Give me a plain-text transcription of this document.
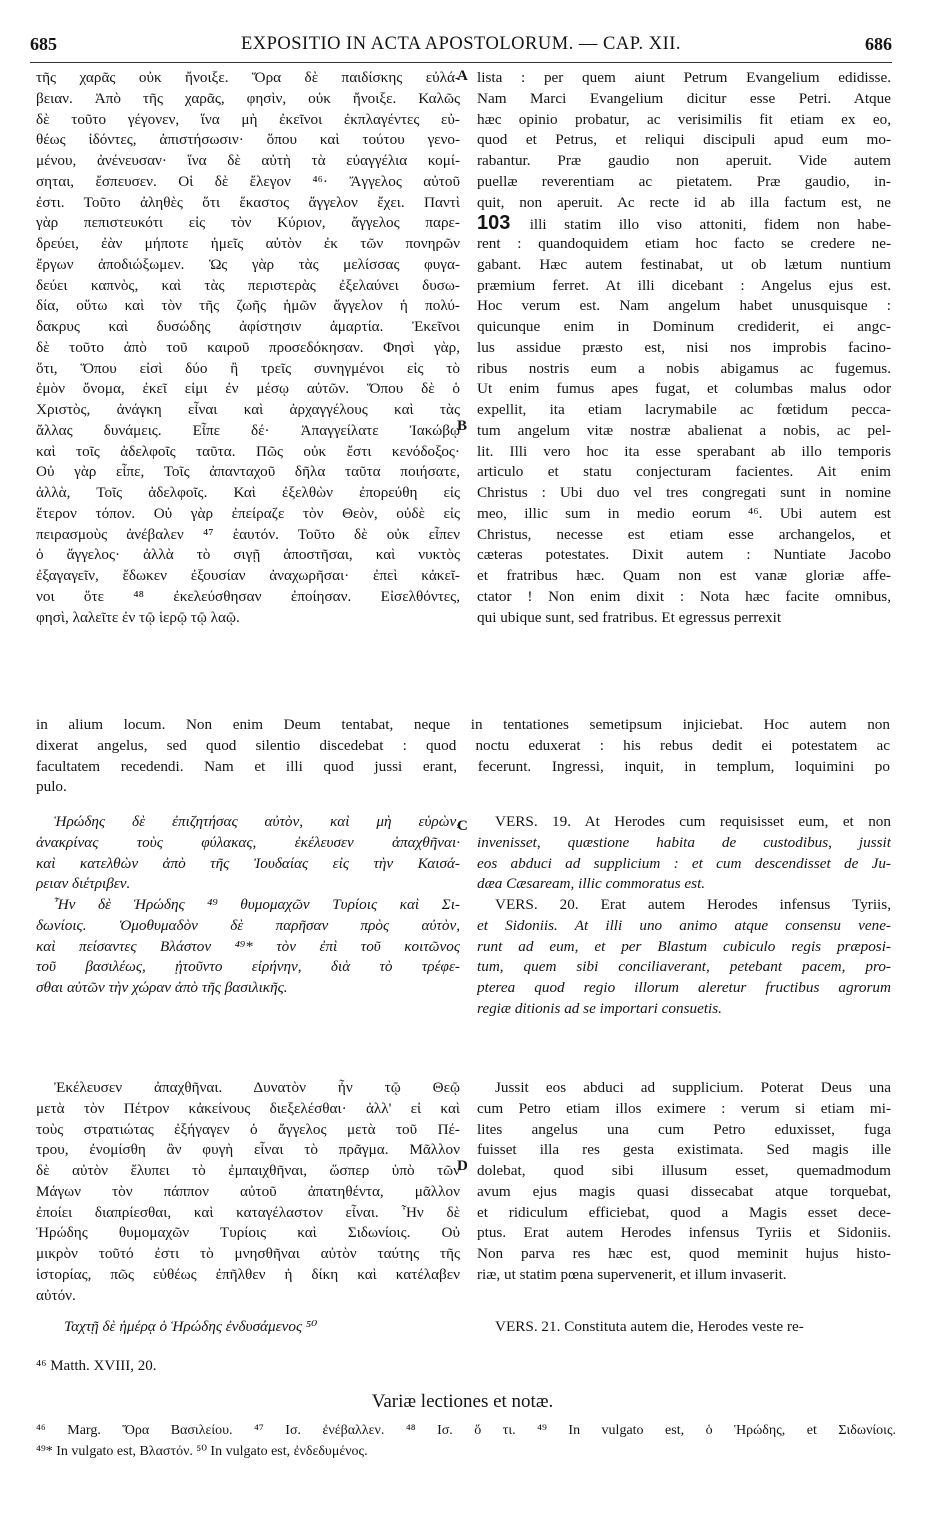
685	EXPOSITIO IN ACTA APOSTOLORUM. — CAP. XII.	686
τῆς χαρᾶς οὐκ ἤνοιξε. Ὅρα δὲ παιδίσκης εὐλά-
βειαν. Ἀπὸ τῆς χαρᾶς, φησὶν, οὐκ ἤνοιξε. Καλῶς
δὲ τοῦτο γέγονεν, ἵνα μὴ ἐκεῖνοι ἐκπλαγέντες εὐ-
θέως ἰδόντες, ἀπιστήσωσιν· ὅπου καὶ τούτου γενο-
μένου, ἀνένευσαν· ἵνα δὲ αὐτὴ τὰ εὐαγγέλια κομί-
σηται, ἔσπευσεν. Οἱ δὲ ἔλεγον ⁴⁶· Ἄγγελος αὐτοῦ
ἐστι. Τοῦτο ἀληθὲς ὅτι ἕκαστος ἄγγελον ἔχει. Παντὶ
γὰρ πεπιστευκότι εἰς τὸν Κύριον, ἄγγελος παρε-
δρεύει, ἐὰν μήποτε ἡμεῖς αὐτὸν ἐκ τῶν πονηρῶν
ἔργων ἀποδιώξωμεν. Ὡς γὰρ τὰς μελίσσας φυγα-
δεύει καπνὸς, καὶ τὰς περιστερὰς ἐξελαύνει δυσω-
δία, οὕτω καὶ τὸν τῆς ζωῆς ἡμῶν ἄγγελον ἡ πολύ-
δακρυς καὶ δυσώδης ἀφίστησιν ἁμαρτία. Ἐκεῖνοι
δὲ τοῦτο ἀπὸ τοῦ καιροῦ προσεδόκησαν. Φησὶ γὰρ,
ὅτι, Ὅπου εἰσὶ δύο ἢ τρεῖς συνηγμένοι εἰς τὸ
ἐμὸν ὄνομα, ἐκεῖ εἰμι ἐν μέσῳ αὐτῶν. Ὅπου δὲ ὁ
Χριστὸς, ἀνάγκη εἶναι καὶ ἀρχαγγέλους καὶ τὰς
ἄλλας δυνάμεις. Εἶπε δέ· Ἀπαγγείλατε Ἰακώβῳ
καὶ τοῖς ἀδελφοῖς ταῦτα. Πῶς οὐκ ἔστι κενόδοξος·
Οὐ γὰρ εἶπε, Τοῖς ἀπανταχοῦ δῆλα ταῦτα ποιήσατε,
ἀλλὰ, Τοῖς ἀδελφοῖς. Καὶ ἐξελθὼν ἐπορεύθη εἰς
ἕτερον τόπον. Οὐ γὰρ ἐπείραζε τὸν Θεὸν, οὐδὲ εἰς
πειρασμοὺς ἀνέβαλεν ⁴⁷ ἑαυτόν. Τοῦτο δὲ οὐκ εἶπεν
ὁ ἄγγελος· ἀλλὰ τὸ σιγῇ ἀποστῆσαι, καὶ νυκτὸς
ἐξαγαγεῖν, ἔδωκεν ἐξουσίαν ἀναχωρῆσαι· ἐπεὶ κἀκεῖ-
νοι ὅτε ⁴⁸ ἐκελεύσθησαν ἐποίησαν. Εἰσελθόντες,
φησὶ, λαλεῖτε ἐν τῷ ἱερῷ τῷ λαῷ.
lista : per quem aiunt Petrum Evangelium edidisse.
Nam Marci Evangelium dicitur esse Petri. Atque
hæc opinio probatur, ac verisimilis fit etiam ex eo,
quod et Petrus, et reliqui discipuli apud eum mo-
rabantur. Præ gaudio non aperuit. Vide autem
puellæ reverentiam ac pietatem. Præ gaudio, in-
quit, non aperuit. Ac recte id ab illa factum est, ne
103 illi statim illo viso attoniti, fidem non habe-
rent : quandoquidem etiam hoc facto se credere ne-
gabant. Hæc autem festinabat, ut ob lætum nuntium
præmium ferret. At illi dicebant : Angelus ejus est.
Hoc verum est. Nam angelum habet unusquisque :
quicunque enim in Dominum crediderit, ei angc-
lus assidue præsto est, nisi nos improbis facino-
ribus nostris eum a nobis abigamus ac fugemus.
Ut enim fumus apes fugat, et columbas malus odor
expellit, ita etiam lacrymabile ac fœtidum pecca-
tum angelum vitæ nostræ abalienat a nobis, ac pel-
lit. Illi vero hoc ita esse sperabant ab illo temporis
articulo et statu conjecturam facientes. Ait enim
Christus : Ubi duo vel tres congregati sunt in nomine
meo, illic sum in medio eorum ⁴⁶. Ubi autem est
Christus, necesse est etiam esse archangelos, et
cæteras potestates. Dixit autem : Nuntiate Jacobo
et fratribus hæc. Quam non est vanæ gloriæ affe-
ctator ! Non enim dixit : Nota hæc facite omnibus,
qui ubique sunt, sed fratribus. Et egressus perrexit
in alium locum. Non enim Deum tentabat, neque in tentationes semetipsum injiciebat. Hoc autem non
dixerat angelus, sed quod silentio discedebat : quod noctu eduxerat : his rebus dedit ei potestatem ac
facultatem recedendi. Nam et illi quod jussi erant, fecerunt. Ingressi, inquit, in templum, loquimini po
pulo.
A
B
C
D
Ἡρώδης δὲ ἐπιζητήσας αὐτὸν, καὶ μὴ εὑρὼν,
ἀνακρίνας τοὺς φύλακας, ἐκέλευσεν ἀπαχθῆναι·
καὶ κατελθὼν ἀπὸ τῆς Ἰουδαίας εἰς τὴν Καισά-
ρειαν διέτριβεν.
Ἦν δὲ Ἡρώδης ⁴⁹ θυμομαχῶν Τυρίοις καὶ Σι-
δωνίοις. Ὁμοθυμαδὸν δὲ παρῆσαν πρὸς αὐτὸν,
καὶ πείσαντες Βλάστον ⁴⁹* τὸν ἐπὶ τοῦ κοιτῶνος
τοῦ βασιλέως, ᾐτοῦντο εἰρήνην, διὰ τὸ τρέφε-
σθαι αὐτῶν τὴν χώραν ἀπὸ τῆς βασιλικῆς.
VERS. 19. At Herodes cum requisisset eum, et non
invenisset, quæstione habita de custodibus, jussit
eos abduci ad supplicium : et cum descendisset de Ju-
dæa Cæsaream, illic commoratus est.
VERS. 20. Erat autem Herodes infensus Tyriis,
et Sidoniis. At illi uno animo atque consensu vene-
runt ad eum, et per Blastum cubiculo regis præposi-
tum, quem sibi conciliaverant, petebant pacem, pro-
pterea quod regio illorum aleretur fructibus agrorum
regiæ ditionis ad se importari consuetis.
Ἐκέλευσεν ἀπαχθῆναι. Δυνατὸν ἦν τῷ Θεῷ
μετὰ τὸν Πέτρον κἀκείνους διεξελέσθαι· ἀλλ' εἰ καὶ
τοὺς στρατιώτας ἐξήγαγεν ὁ ἄγγελος μετὰ τοῦ Πέ-
τρου, ἐνομίσθη ἂν φυγὴ εἶναι τὸ πρᾶγμα. Μᾶλλον
δὲ αὐτὸν ἔλυπει τὸ ἐμπαιχθῆναι, ὥσπερ ὑπὸ τῶν
Μάγων τὸν πάππον αὐτοῦ ἀπατηθέντα, μᾶλλον
ἐποίει διαπρίεσθαι, καὶ καταγέλαστον εἶναι. Ἦν δὲ
Ἡρώδης θυμομαχῶν Τυρίοις καὶ Σιδωνίοις. Οὐ
μικρὸν τοῦτό ἐστι τὸ μνησθῆναι αὐτὸν ταύτης τῆς
ἱστορίας, πῶς εὐθέως ἐπῆλθεν ἡ δίκη καὶ κατέλαβεν
αὐτόν.
Jussit eos abduci ad supplicium. Poterat Deus una
cum Petro etiam illos eximere : verum si etiam mi-
lites angelus una cum Petro eduxisset, fuga
fuisset illa res gesta existimata. Sed magis ille
dolebat, quod sibi illusum esset, quemadmodum
avum ejus magis quasi dissecabat atque torquebat,
et ridiculum efficiebat, quod a Magis esset dece-
ptus. Erat autem Herodes infensus Tyriis et Sidoniis.
Non parva res hæc est, quod meminit hujus histo-
riæ, ut statim pœna supervenerit, et illum invaserit.
Ταχτῇ δὲ ἡμέρᾳ ὁ Ἡρώδης ἐνδυσάμενος ⁵⁰	VERS. 21. Constituta autem die, Herodes veste re-
⁴⁶ Matth. XVIII, 20.
Variæ lectiones et notæ.
⁴⁶ Marg. Ὅρα Βασιλείου. ⁴⁷ Ισ. ἐνέβαλλεν. ⁴⁸ Ισ. ὅ τι. ⁴⁹ In vulgato est, ὁ Ἡρώδης, et Σιδωνίοις.
⁴⁹* In vulgato est, Βλαστόν. ⁵⁰ In vulgato est, ἐνδεδυμένος.
